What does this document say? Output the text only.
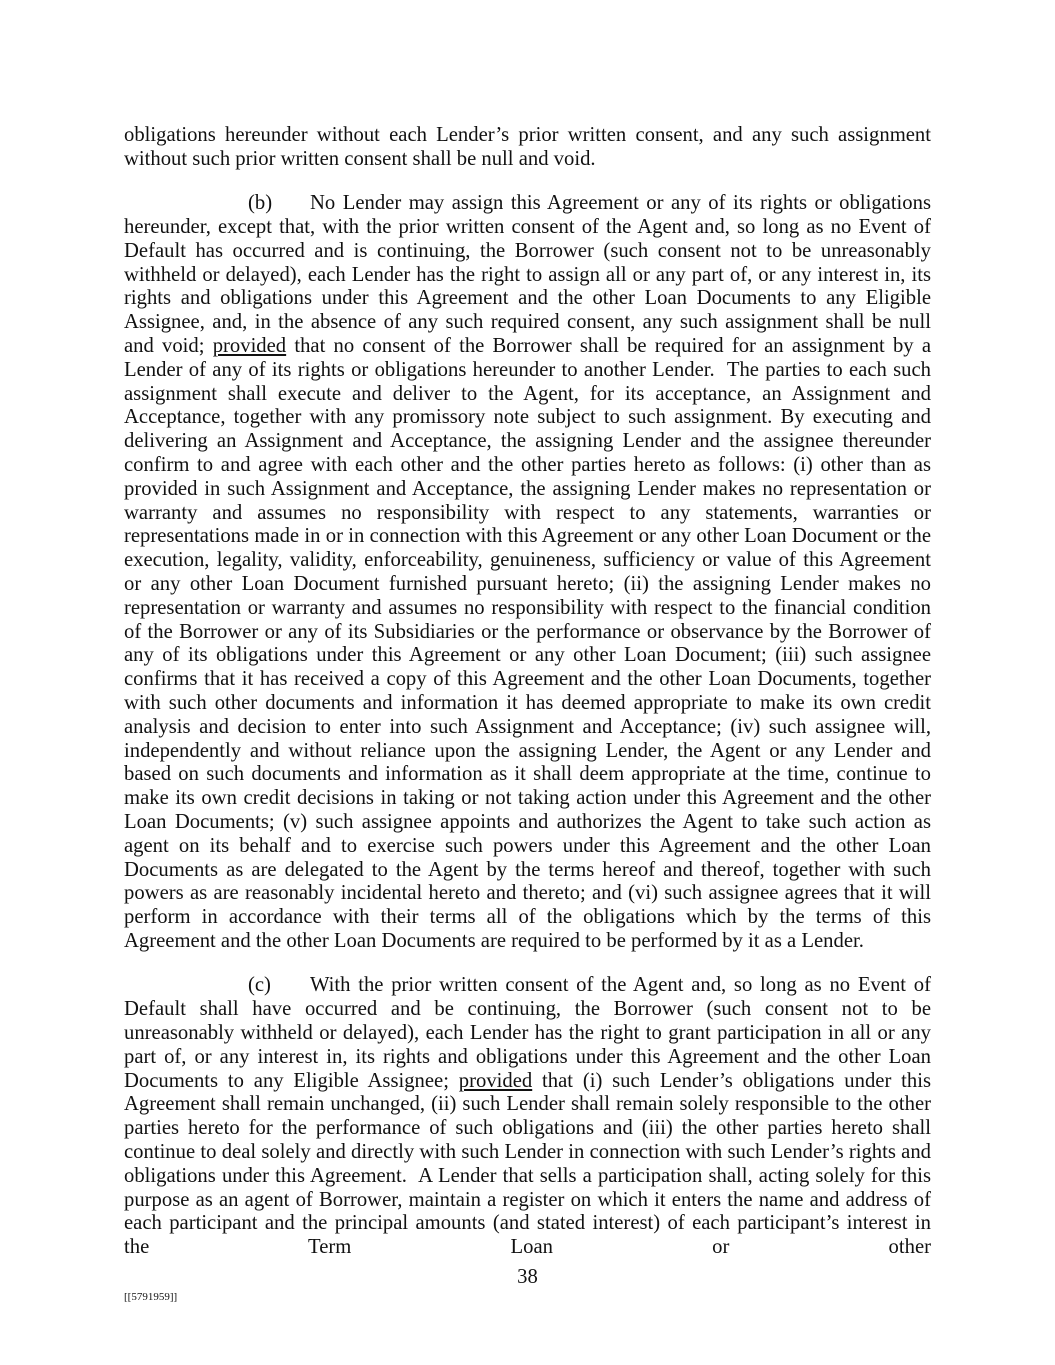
obligations hereunder without each Lender’s prior written consent, and any such assignment without such prior written consent shall be null and void.

(b) No Lender may assign this Agreement or any of its rights or obligations hereunder, except that, with the prior written consent of the Agent and, so long as no Event of Default has occurred and is continuing, the Borrower (such consent not to be unreasonably withheld or delayed), each Lender has the right to assign all or any part of, or any interest in, its rights and obligations under this Agreement and the other Loan Documents to any Eligible Assignee, and, in the absence of any such required consent, any such assignment shall be null and void; provided that no consent of the Borrower shall be required for an assignment by a Lender of any of its rights or obligations hereunder to another Lender.  The parties to each such assignment shall execute and deliver to the Agent, for its acceptance, an Assignment and Acceptance, together with any promissory note subject to such assignment. By executing and delivering an Assignment and Acceptance, the assigning Lender and the assignee thereunder confirm to and agree with each other and the other parties hereto as follows: (i) other than as provided in such Assignment and Acceptance, the assigning Lender makes no representation or warranty and assumes no responsibility with respect to any statements, warranties or representations made in or in connection with this Agreement or any other Loan Document or the execution, legality, validity, enforceability, genuineness, sufficiency or value of this Agreement or any other Loan Document furnished pursuant hereto; (ii) the assigning Lender makes no representation or warranty and assumes no responsibility with respect to the financial condition of the Borrower or any of its Subsidiaries or the performance or observance by the Borrower of any of its obligations under this Agreement or any other Loan Document; (iii) such assignee confirms that it has received a copy of this Agreement and the other Loan Documents, together with such other documents and information it has deemed appropriate to make its own credit analysis and decision to enter into such Assignment and Acceptance; (iv) such assignee will, independently and without reliance upon the assigning Lender, the Agent or any Lender and based on such documents and information as it shall deem appropriate at the time, continue to make its own credit decisions in taking or not taking action under this Agreement and the other Loan Documents; (v) such assignee appoints and authorizes the Agent to take such action as agent on its behalf and to exercise such powers under this Agreement and the other Loan Documents as are delegated to the Agent by the terms hereof and thereof, together with such powers as are reasonably incidental hereto and thereto; and (vi) such assignee agrees that it will perform in accordance with their terms all of the obligations which by the terms of this Agreement and the other Loan Documents are required to be performed by it as a Lender.

(c) With the prior written consent of the Agent and, so long as no Event of Default shall have occurred and be continuing, the Borrower (such consent not to be unreasonably withheld or delayed), each Lender has the right to grant participation in all or any part of, or any interest in, its rights and obligations under this Agreement and the other Loan Documents to any Eligible Assignee; provided that (i) such Lender’s obligations under this Agreement shall remain unchanged, (ii) such Lender shall remain solely responsible to the other parties hereto for the performance of such obligations and (iii) the other parties hereto shall continue to deal solely and directly with such Lender in connection with such Lender’s rights and obligations under this Agreement.  A Lender that sells a participation shall, acting solely for this purpose as an agent of Borrower, maintain a register on which it enters the name and address of each participant and the principal amounts (and stated interest) of each participant’s interest in the Term Loan or other

38
[[5791959]]
